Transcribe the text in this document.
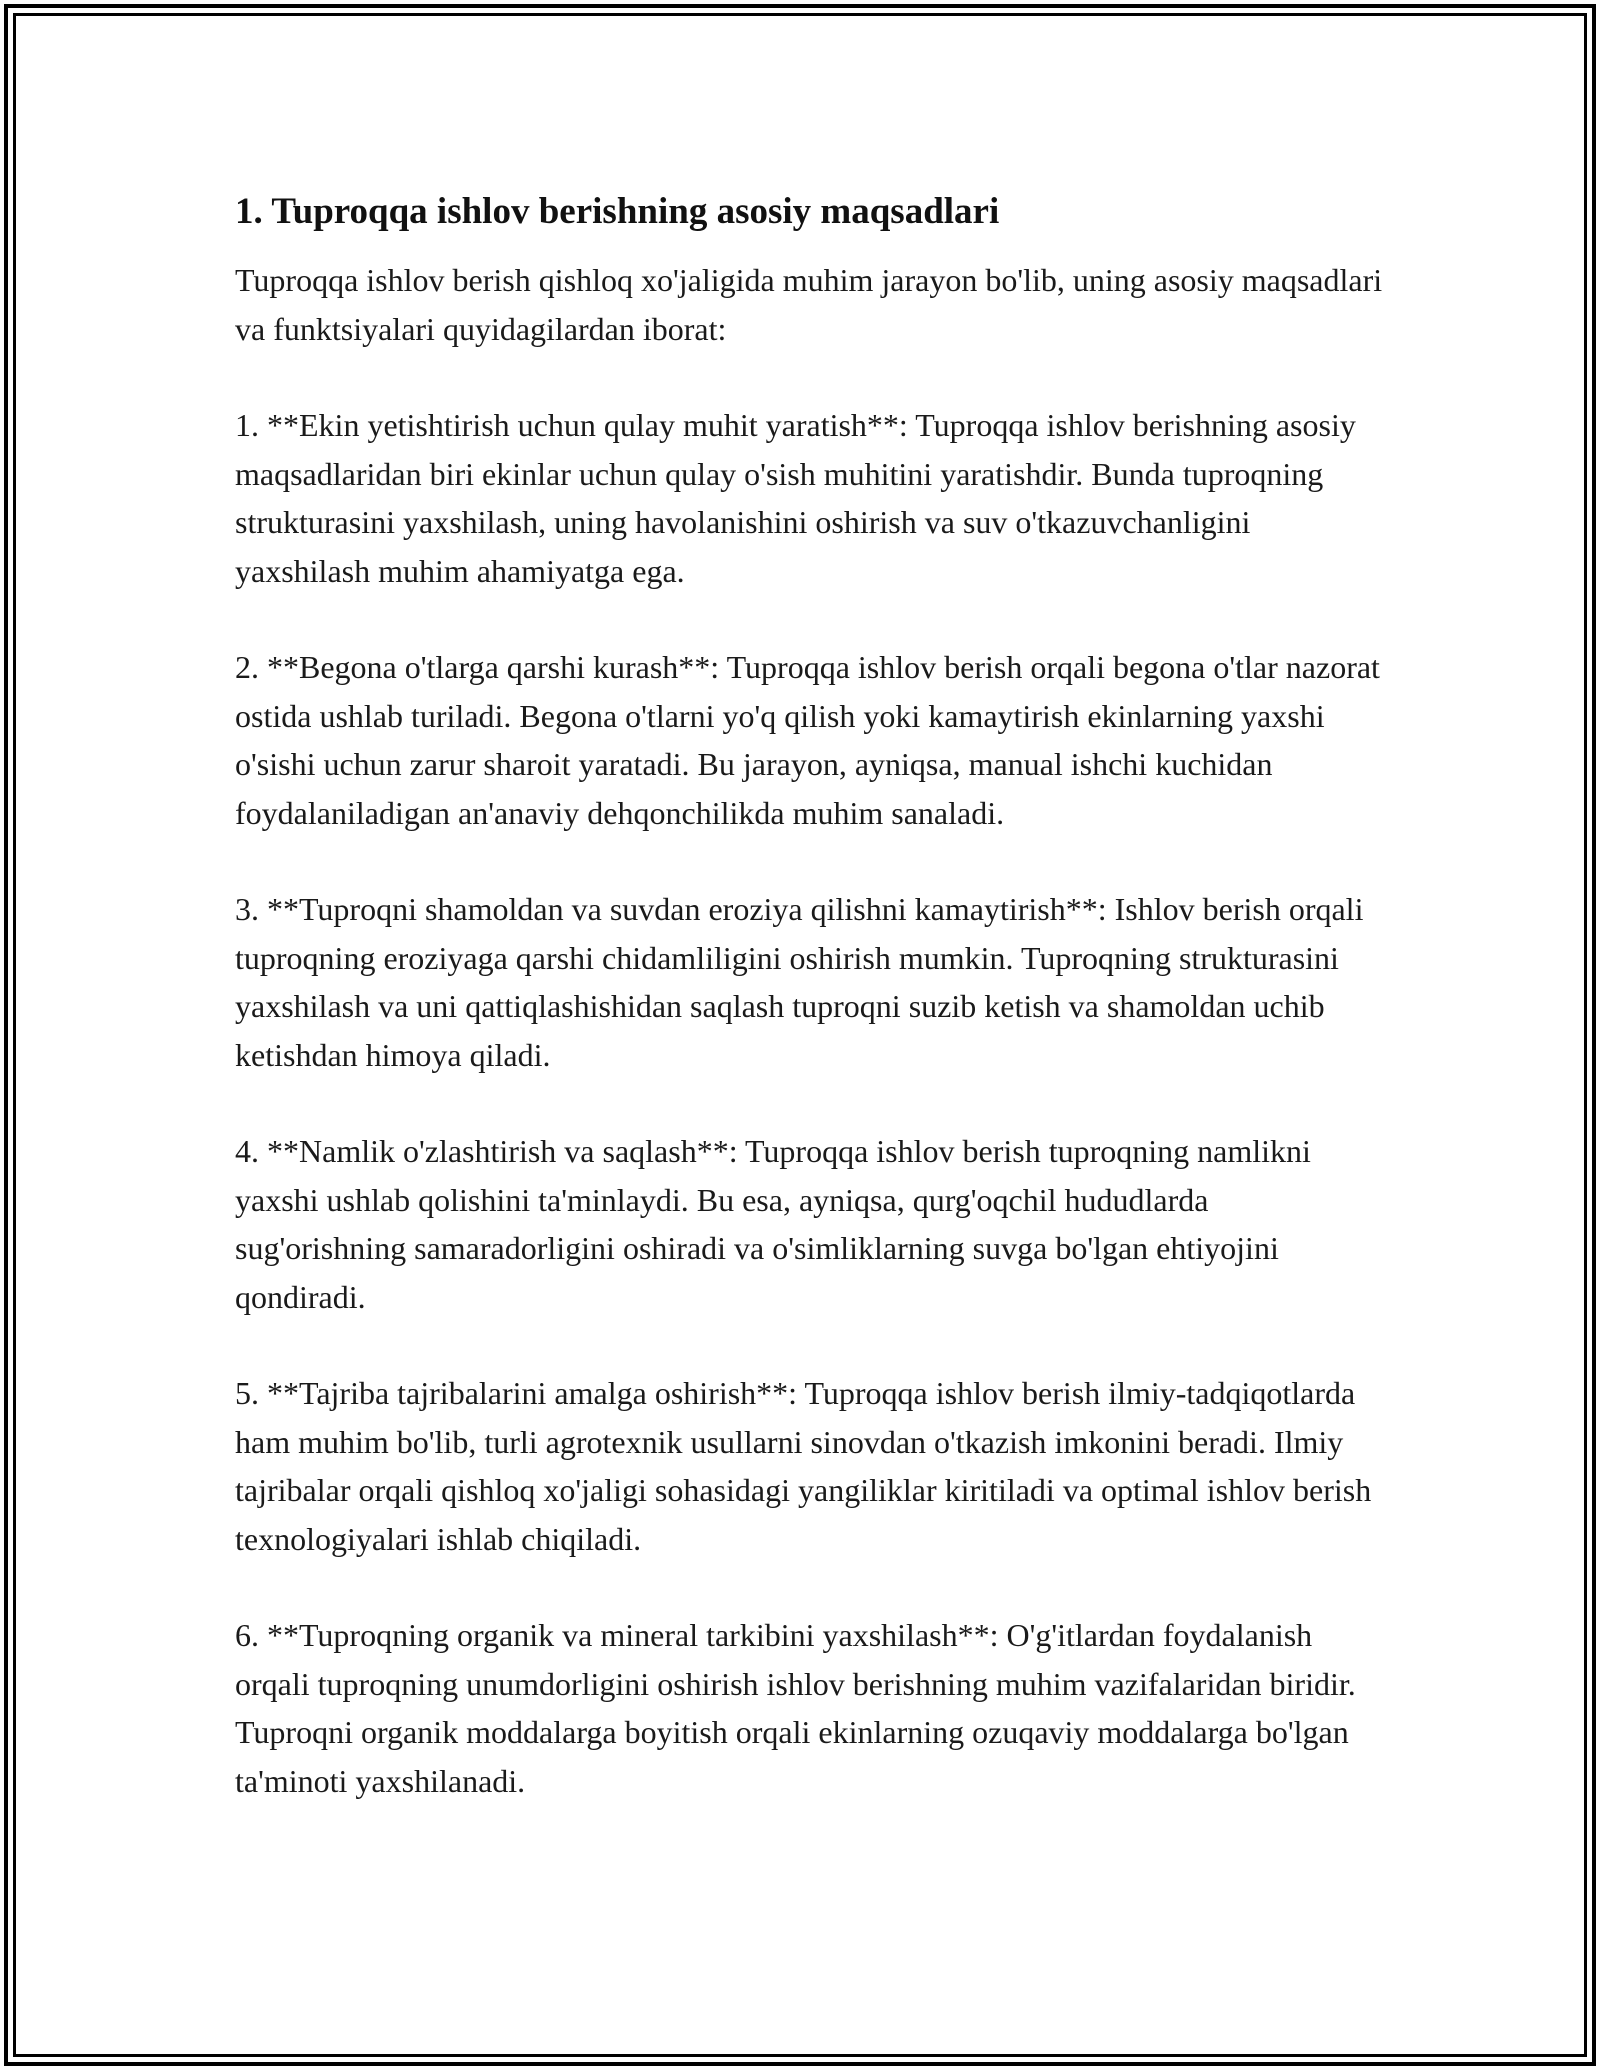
1. Tuproqqa ishlov berishning asosiy maqsadlari

Tuproqqa ishlov berish qishloq xo'jaligida muhim jarayon bo'lib, uning asosiy maqsadlari va funktsiyalari quyidagilardan iborat:

1. **Ekin yetishtirish uchun qulay muhit yaratish**: Tuproqqa ishlov berishning asosiy maqsadlaridan biri ekinlar uchun qulay o'sish muhitini yaratishdir. Bunda tuproqning strukturasini yaxshilash, uning havolanishini oshirish va suv o'tkazuvchanligini yaxshilash muhim ahamiyatga ega.

2. **Begona o'tlarga qarshi kurash**: Tuproqqa ishlov berish orqali begona o'tlar nazorat ostida ushlab turiladi. Begona o'tlarni yo'q qilish yoki kamaytirish ekinlarning yaxshi o'sishi uchun zarur sharoit yaratadi. Bu jarayon, ayniqsa, manual ishchi kuchidan foydalaniladigan an'anaviy dehqonchilikda muhim sanaladi.

3. **Tuproqni shamoldan va suvdan eroziya qilishni kamaytirish**: Ishlov berish orqali tuproqning eroziyaga qarshi chidamliligini oshirish mumkin. Tuproqning strukturasini yaxshilash va uni qattiqlashishidan saqlash tuproqni suzib ketish va shamoldan uchib ketishdan himoya qiladi.

4. **Namlik o'zlashtirish va saqlash**: Tuproqqa ishlov berish tuproqning namlikni yaxshi ushlab qolishini ta'minlaydi. Bu esa, ayniqsa, qurg'oqchil hududlarda sug'orishning samaradorligini oshiradi va o'simliklarning suvga bo'lgan ehtiyojini qondiradi.

5. **Tajriba tajribalarini amalga oshirish**: Tuproqqa ishlov berish ilmiy-tadqiqotlarda ham muhim bo'lib, turli agrotexnik usullarni sinovdan o'tkazish imkonini beradi. Ilmiy tajribalar orqali qishloq xo'jaligi sohasidagi yangiliklar kiritiladi va optimal ishlov berish texnologiyalari ishlab chiqiladi.

6. **Tuproqning organik va mineral tarkibini yaxshilash**: O'g'itlardan foydalanish orqali tuproqning unumdorligini oshirish ishlov berishning muhim vazifalaridan biridir. Tuproqni organik moddalarga boyitish orqali ekinlarning ozuqaviy moddalarga bo'lgan ta'minoti yaxshilanadi.
